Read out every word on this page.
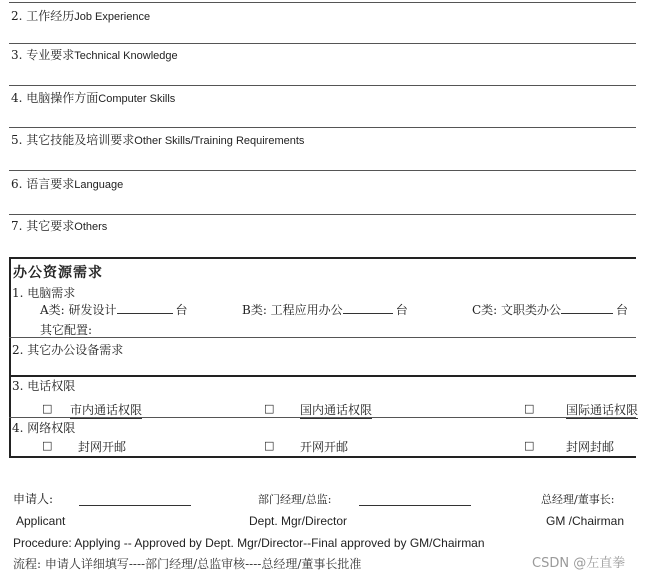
2. 工作经历Job Experience
3. 专业要求Technical Knowledge
4. 电脑操作方面Computer Skills
5. 其它技能及培训要求Other Skills/Training Requirements
6. 语言要求Language
7. 其它要求Others
办公资源需求
1. 电脑需求
A类: 研发设计	台	B类: 工程应用办公	台	C类: 文职类办公	台
其它配置:
2. 其它办公设备需求
3. 电话权限
□ 市内通话权限	□ 国内通话权限	□	国际通话权限
4. 网络权限
□ 封网开邮	□ 开网开邮	□	封网封邮
申请人:	部门经理/总监:	总经理/董事长:
Applicant	Dept. Mgr/Director	GM /Chairman
Procedure: Applying -- Approved by Dept. Mgr/Director--Final approved by GM/Chairman
流程: 申请人详细填写----部门经理/总监审核----总经理/董事长批准	CSDN @左直拳
